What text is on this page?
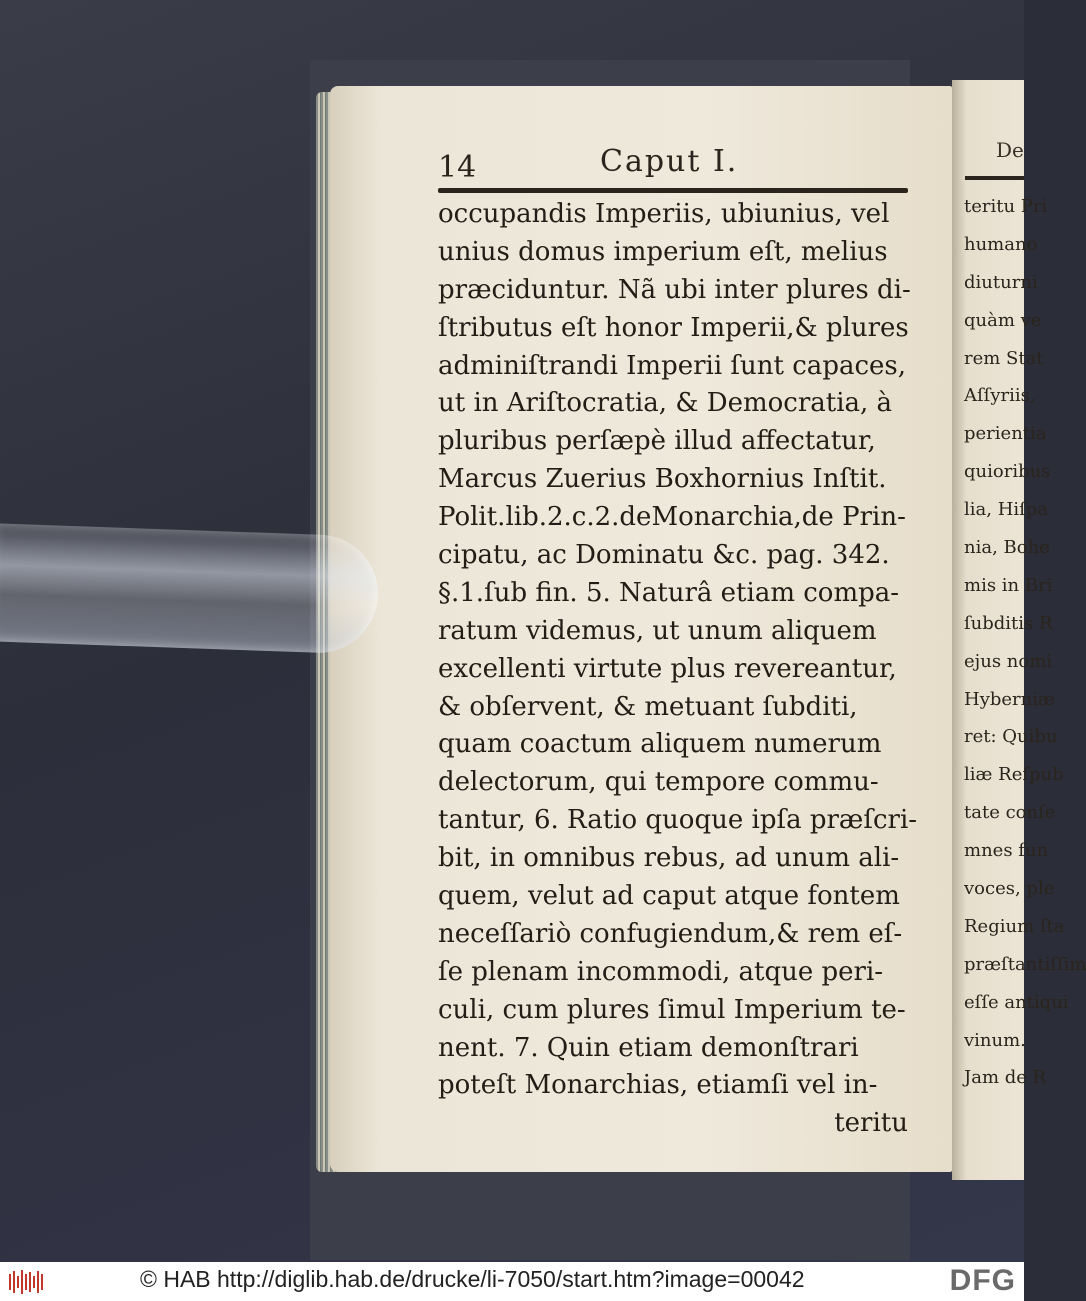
De
teritu Pri
humano
diuturni
quàm ve
rem Stat
Aſſyriis,
perientia
quioribus
lia, Hiſpa
nia, Bohe
mis in Bri
ſubditis R
ejus nomi
Hyberniæ
ret: Quibu
liæ Reſpub
tate conſe
mnes fun
voces, ple
Regium ſta
præſtantiſſim
eſſe antiqui
vinum.
Jam de R
14	Caput I.
occupandis Imperiis, ubiunius, vel
unius domus imperium eſt, melius
præciduntur. Nã ubi inter plures di-
ſtributus eſt honor Imperii,& plures
adminiſtrandi Imperii ſunt capaces,
ut in Ariſtocratia, & Democratia, à
pluribus perſæpè illud affectatur,
Marcus Zuerius Boxhornius Inſtit.
Polit.lib.2.c.2.deMonarchia,de Prin-
cipatu, ac Dominatu &c. pag. 342.
§.1.ſub fin. 5. Naturâ etiam compa-
ratum videmus, ut unum aliquem
excellenti virtute plus revereantur,
& obſervent, & metuant ſubditi,
quam coactum aliquem numerum
delectorum, qui tempore commu-
tantur, 6. Ratio quoque ipſa præſcri-
bit, in omnibus rebus, ad unum ali-
quem, velut ad caput atque fontem
neceſſariò confugiendum,& rem eſ-
ſe plenam incommodi, atque peri-
culi, cum plures ſimul Imperium te-
nent. 7. Quin etiam demonſtrari
poteſt Monarchias, etiamſi vel in-
teritu
© HAB http://diglib.hab.de/drucke/li-7050/start.htm?image=00042	DFG
